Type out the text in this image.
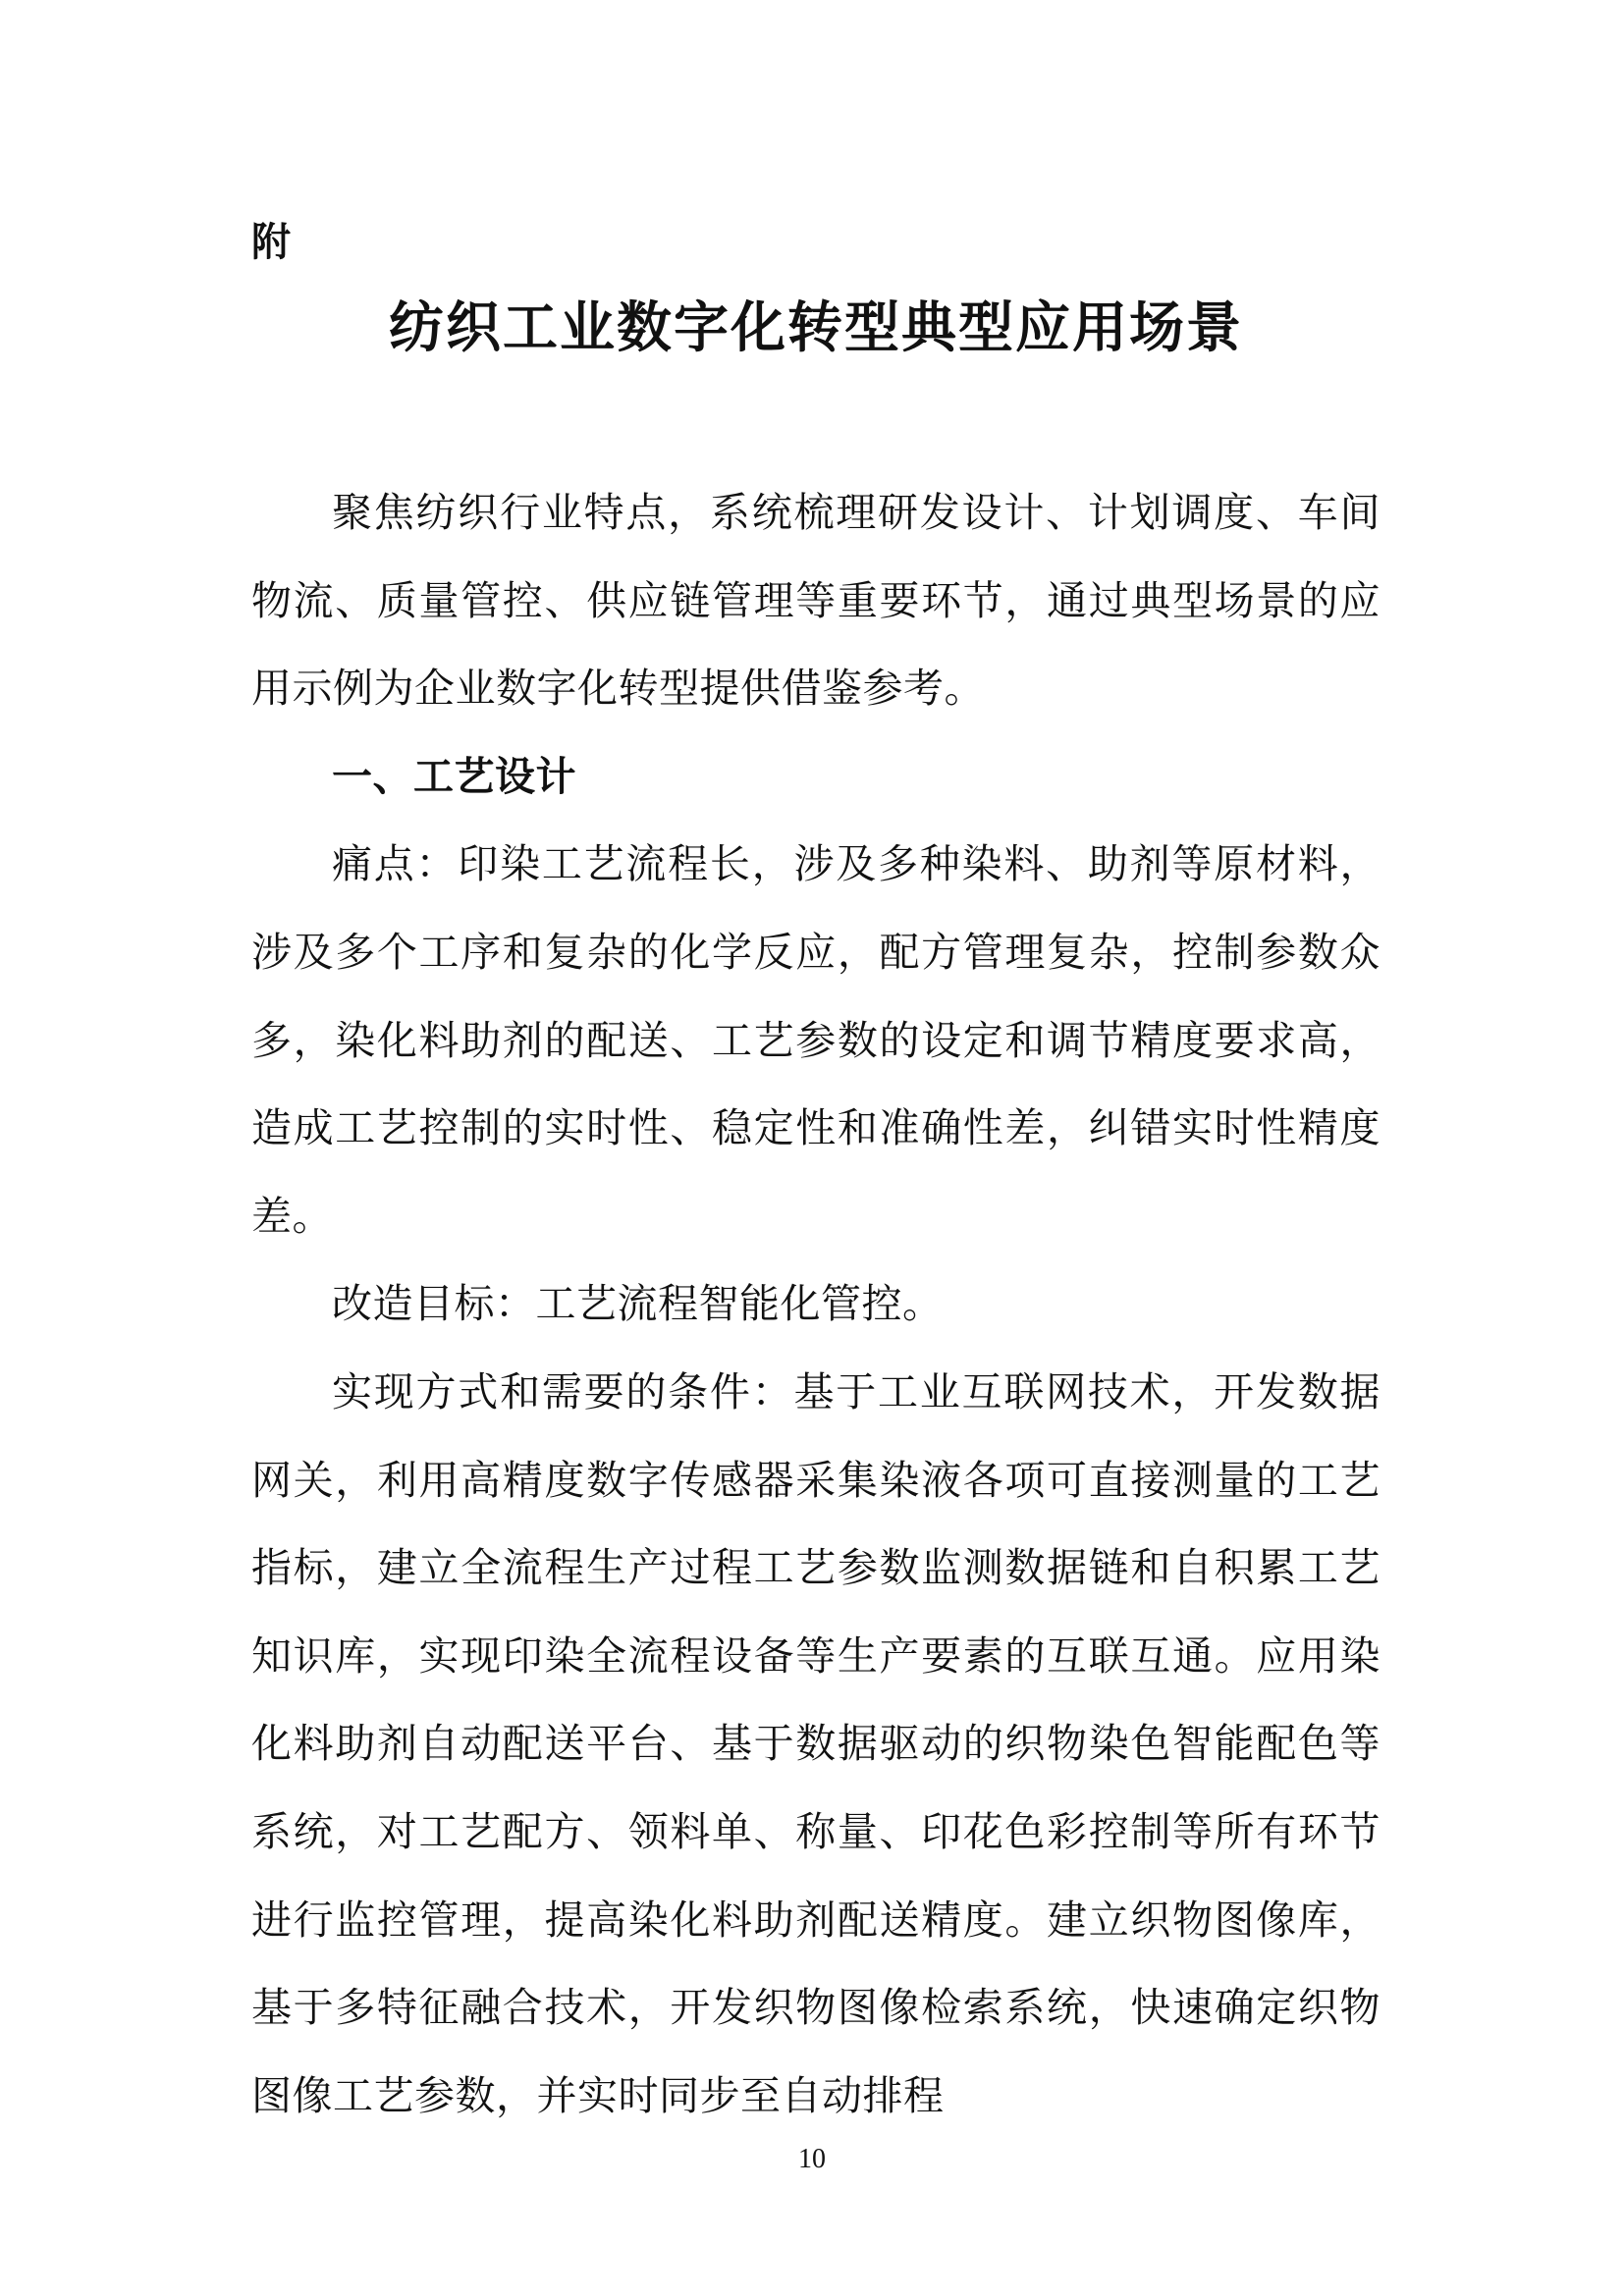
附

纺织工业数字化转型典型应用场景

聚焦纺织行业特点，系统梳理研发设计、计划调度、车间物流、质量管控、供应链管理等重要环节，通过典型场景的应用示例为企业数字化转型提供借鉴参考。

一、工艺设计

痛点：印染工艺流程长，涉及多种染料、助剂等原材料，涉及多个工序和复杂的化学反应，配方管理复杂，控制参数众多，染化料助剂的配送、工艺参数的设定和调节精度要求高，造成工艺控制的实时性、稳定性和准确性差，纠错实时性精度差。

改造目标：工艺流程智能化管控。

实现方式和需要的条件：基于工业互联网技术，开发数据网关，利用高精度数字传感器采集染液各项可直接测量的工艺指标，建立全流程生产过程工艺参数监测数据链和自积累工艺知识库，实现印染全流程设备等生产要素的互联互通。应用染化料助剂自动配送平台、基于数据驱动的织物染色智能配色等系统，对工艺配方、领料单、称量、印花色彩控制等所有环节进行监控管理，提高染化料助剂配送精度。建立织物图像库，基于多特征融合技术，开发织物图像检索系统，快速确定织物图像工艺参数，并实时同步至自动排程

10
